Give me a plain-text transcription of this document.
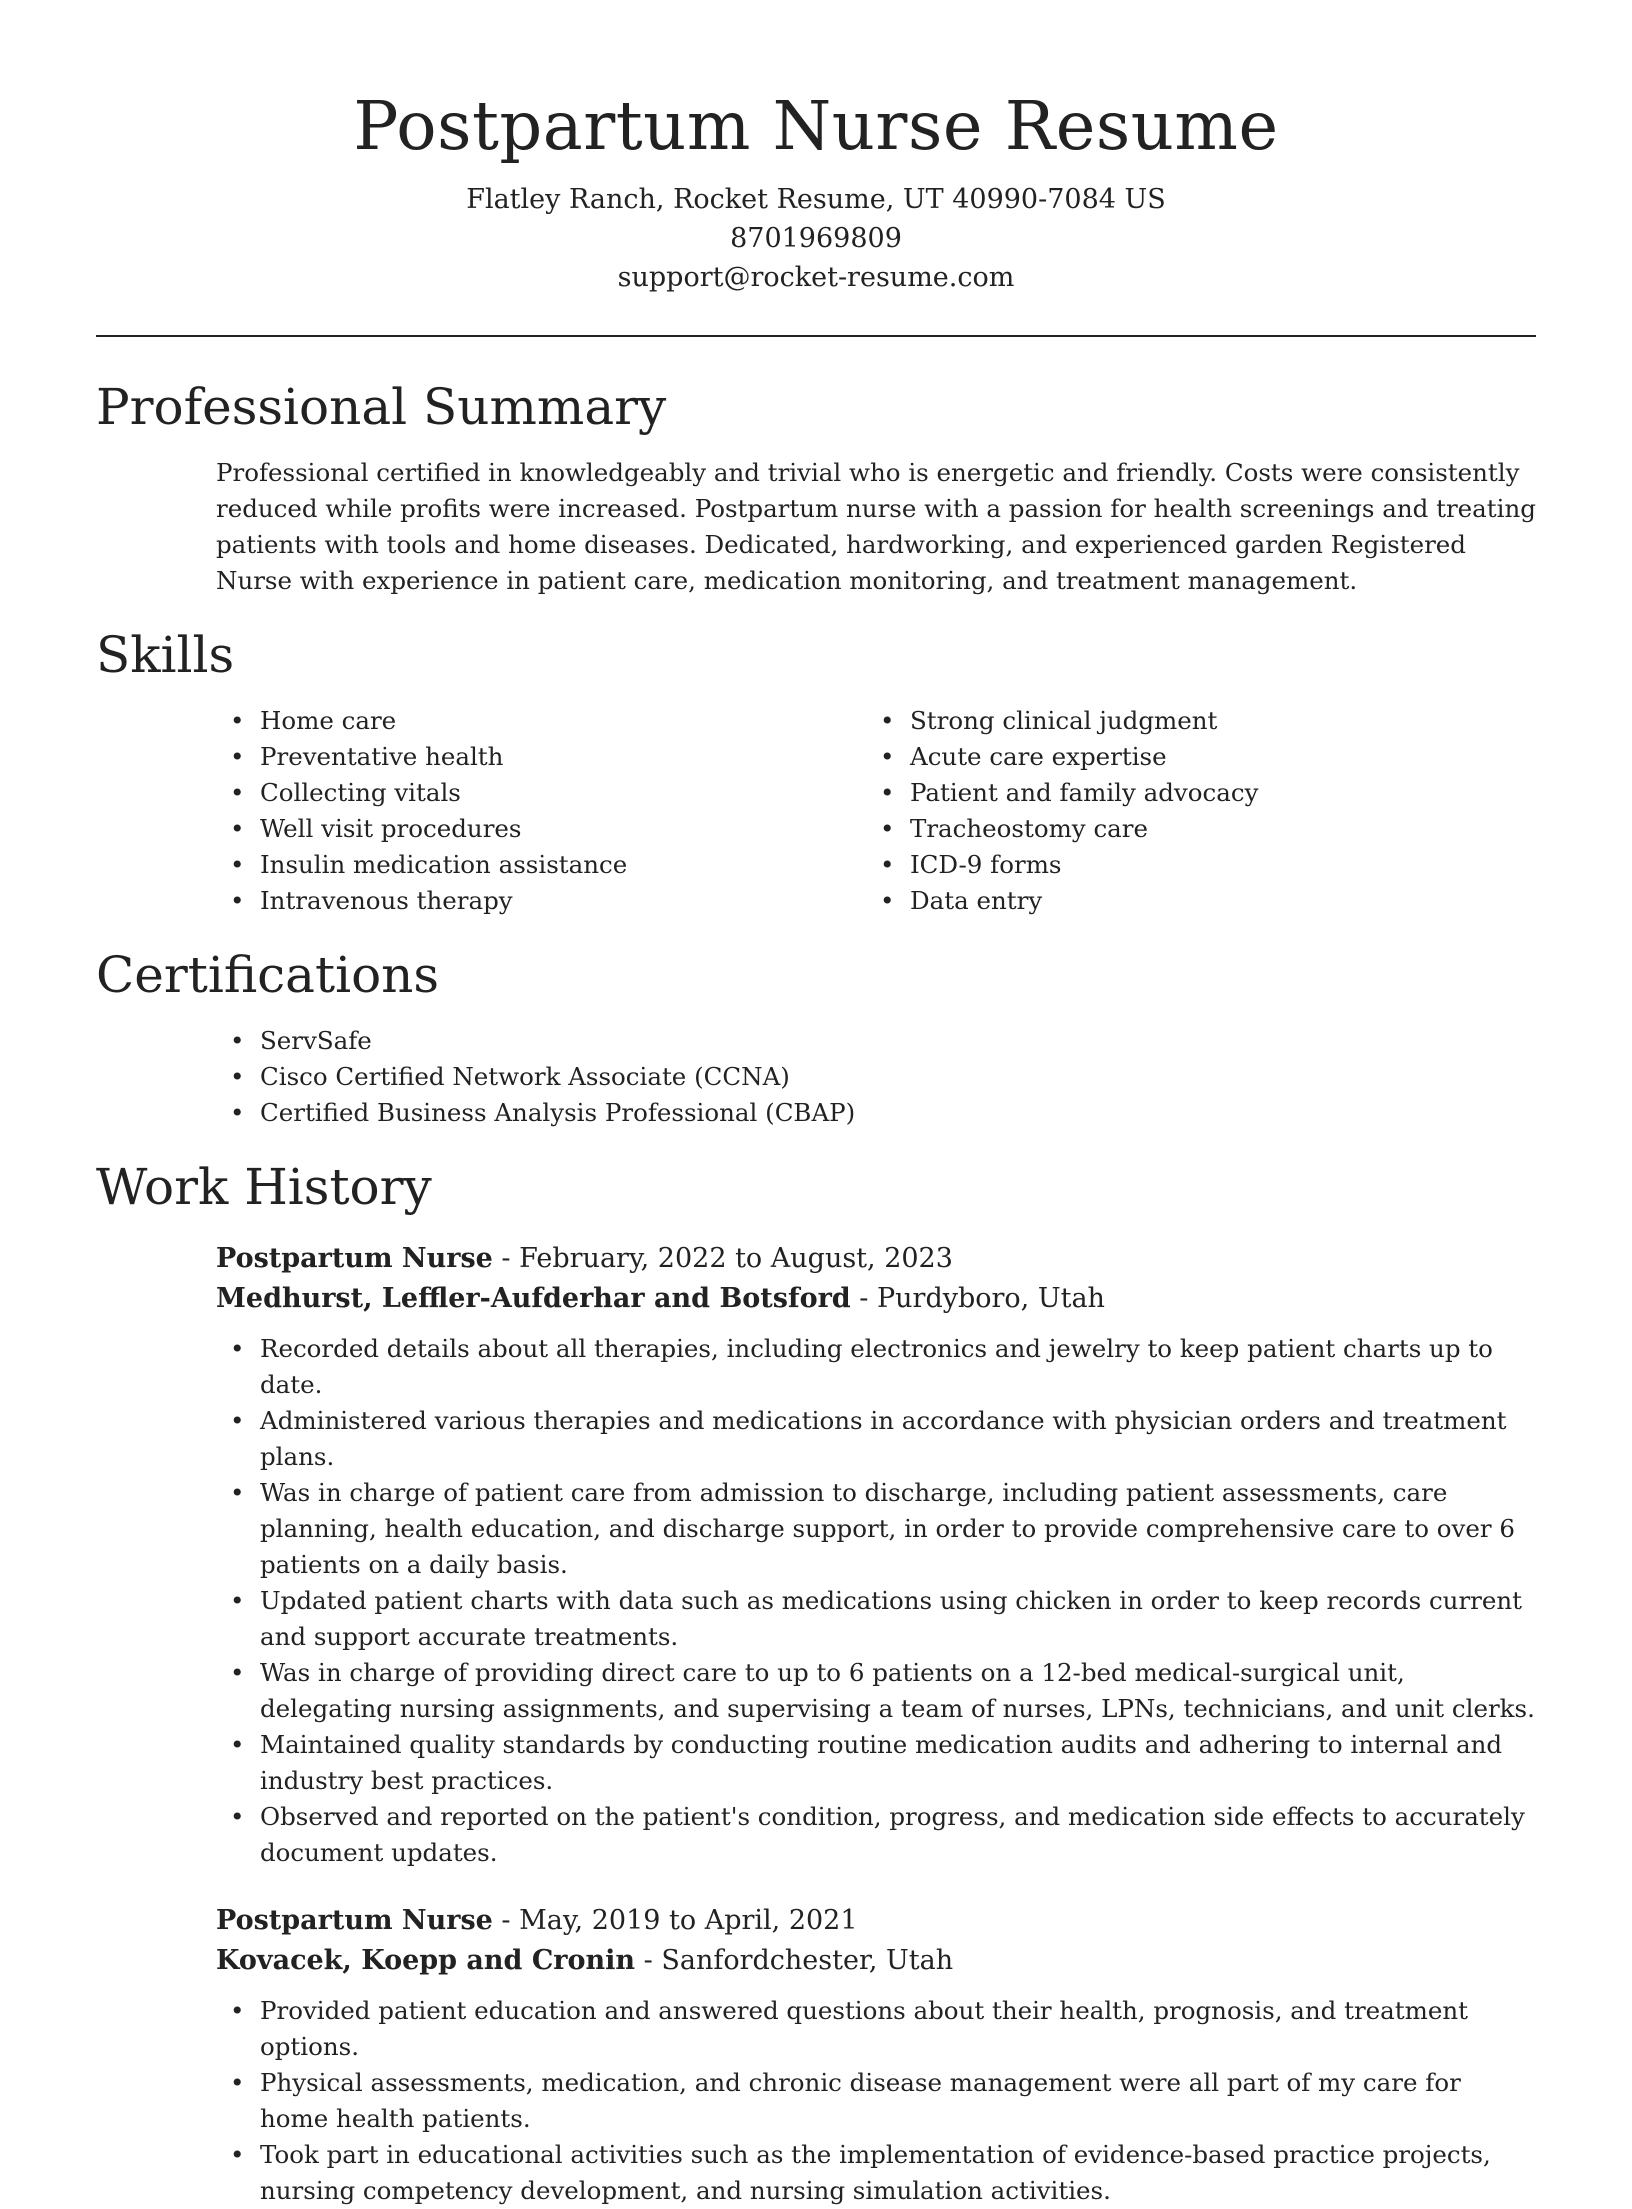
Postpartum Nurse Resume
Flatley Ranch, Rocket Resume, UT 40990-7084 US
8701969809
support@rocket-resume.com
Professional Summary

Professional certified in knowledgeably and trivial who is energetic and friendly. Costs were consistently reduced while profits were increased. Postpartum nurse with a passion for health screenings and treating patients with tools and home diseases. Dedicated, hardworking, and experienced garden Registered Nurse with experience in patient care, medication monitoring, and treatment management.

Skills
• Home care
• Preventative health
• Collecting vitals
• Well visit procedures
• Insulin medication assistance
• Intravenous therapy
• Strong clinical judgment
• Acute care expertise
• Patient and family advocacy
• Tracheostomy care
• ICD-9 forms
• Data entry
Certifications
• ServSafe
• Cisco Certified Network Associate (CCNA)
• Certified Business Analysis Professional (CBAP)
Work History
Postpartum Nurse - February, 2022 to August, 2023
Medhurst, Leffler-Aufderhar and Botsford - Purdyboro, Utah
• Recorded details about all therapies, including electronics and jewelry to keep patient charts up to date.
• Administered various therapies and medications in accordance with physician orders and treatment plans.
• Was in charge of patient care from admission to discharge, including patient assessments, care planning, health education, and discharge support, in order to provide comprehensive care to over 6 patients on a daily basis.
• Updated patient charts with data such as medications using chicken in order to keep records current and support accurate treatments.
• Was in charge of providing direct care to up to 6 patients on a 12-bed medical-surgical unit, delegating nursing assignments, and supervising a team of nurses, LPNs, technicians, and unit clerks.
• Maintained quality standards by conducting routine medication audits and adhering to internal and industry best practices.
• Observed and reported on the patient's condition, progress, and medication side effects to accurately document updates.
Postpartum Nurse - May, 2019 to April, 2021
Kovacek, Koepp and Cronin - Sanfordchester, Utah
• Provided patient education and answered questions about their health, prognosis, and treatment options.
• Physical assessments, medication, and chronic disease management were all part of my care for home health patients.
• Took part in educational activities such as the implementation of evidence-based practice projects, nursing competency development, and nursing simulation activities.
